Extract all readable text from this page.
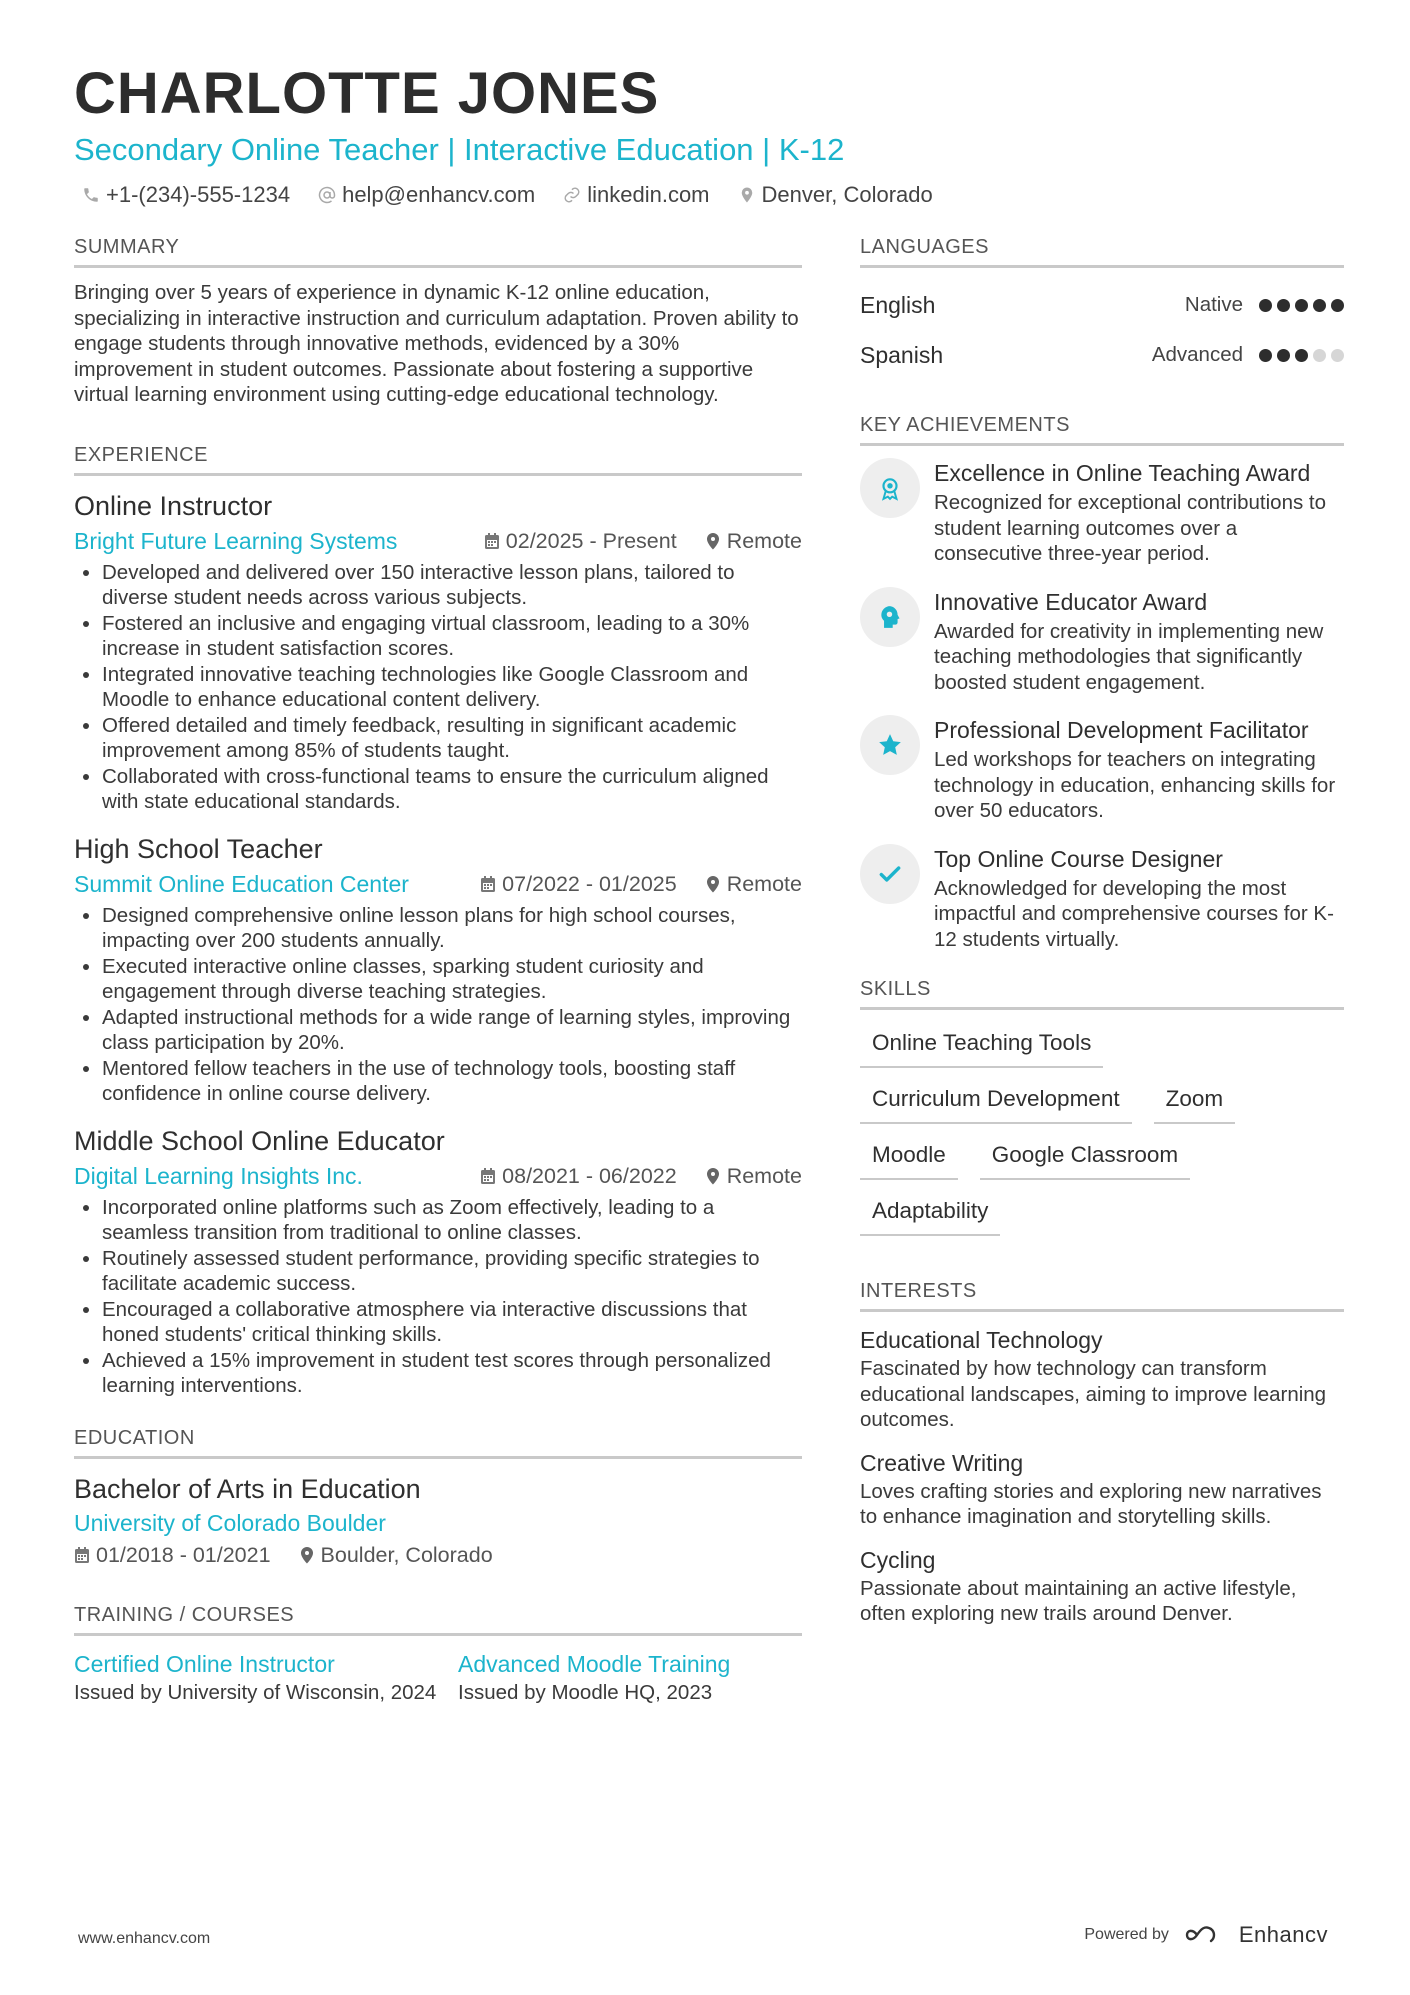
CHARLOTTE JONES
Secondary Online Teacher | Interactive Education | K-12
+1-(234)-555-1234 help@enhancv.com linkedin.com Denver, Colorado
SUMMARY

Bringing over 5 years of experience in dynamic K-12 online education, specializing in interactive instruction and curriculum adaptation. Proven ability to engage students through innovative methods, evidenced by a 30% improvement in student outcomes. Passionate about fostering a supportive virtual learning environment using cutting-edge educational technology.

EXPERIENCE
Online Instructor
Bright Future Learning Systems	02/2025 - Present Remote
• Developed and delivered over 150 interactive lesson plans, tailored to diverse student needs across various subjects.
• Fostered an inclusive and engaging virtual classroom, leading to a 30% increase in student satisfaction scores.
• Integrated innovative teaching technologies like Google Classroom and Moodle to enhance educational content delivery.
• Offered detailed and timely feedback, resulting in significant academic improvement among 85% of students taught.
• Collaborated with cross-functional teams to ensure the curriculum aligned with state educational standards.
High School Teacher
Summit Online Education Center	07/2022 - 01/2025 Remote
• Designed comprehensive online lesson plans for high school courses, impacting over 200 students annually.
• Executed interactive online classes, sparking student curiosity and engagement through diverse teaching strategies.
• Adapted instructional methods for a wide range of learning styles, improving class participation by 20%.
• Mentored fellow teachers in the use of technology tools, boosting staff confidence in online course delivery.
Middle School Online Educator
Digital Learning Insights Inc.	08/2021 - 06/2022 Remote
• Incorporated online platforms such as Zoom effectively, leading to a seamless transition from traditional to online classes.
• Routinely assessed student performance, providing specific strategies to facilitate academic success.
• Encouraged a collaborative atmosphere via interactive discussions that honed students' critical thinking skills.
• Achieved a 15% improvement in student test scores through personalized learning interventions.
EDUCATION
Bachelor of Arts in Education
University of Colorado Boulder
01/2018 - 01/2021 Boulder, Colorado
TRAINING / COURSES
Certified Online Instructor
Issued by University of Wisconsin, 2024
Advanced Moodle Training
Issued by Moodle HQ, 2023
LANGUAGES
English	Native
Spanish	Advanced
KEY ACHIEVEMENTS
Excellence in Online Teaching Award
Recognized for exceptional contributions to student learning outcomes over a consecutive three-year period.
Innovative Educator Award
Awarded for creativity in implementing new teaching methodologies that significantly boosted student engagement.
Professional Development Facilitator
Led workshops for teachers on integrating technology in education, enhancing skills for over 50 educators.
Top Online Course Designer
Acknowledged for developing the most impactful and comprehensive courses for K-12 students virtually.
SKILLS
Online Teaching Tools
Curriculum Development	Zoom
Moodle	Google Classroom
Adaptability
INTERESTS
Educational Technology
Fascinated by how technology can transform educational landscapes, aiming to improve learning outcomes.
Creative Writing
Loves crafting stories and exploring new narratives to enhance imagination and storytelling skills.
Cycling
Passionate about maintaining an active lifestyle, often exploring new trails around Denver.
www.enhancv.com	Powered by	Enhancv
